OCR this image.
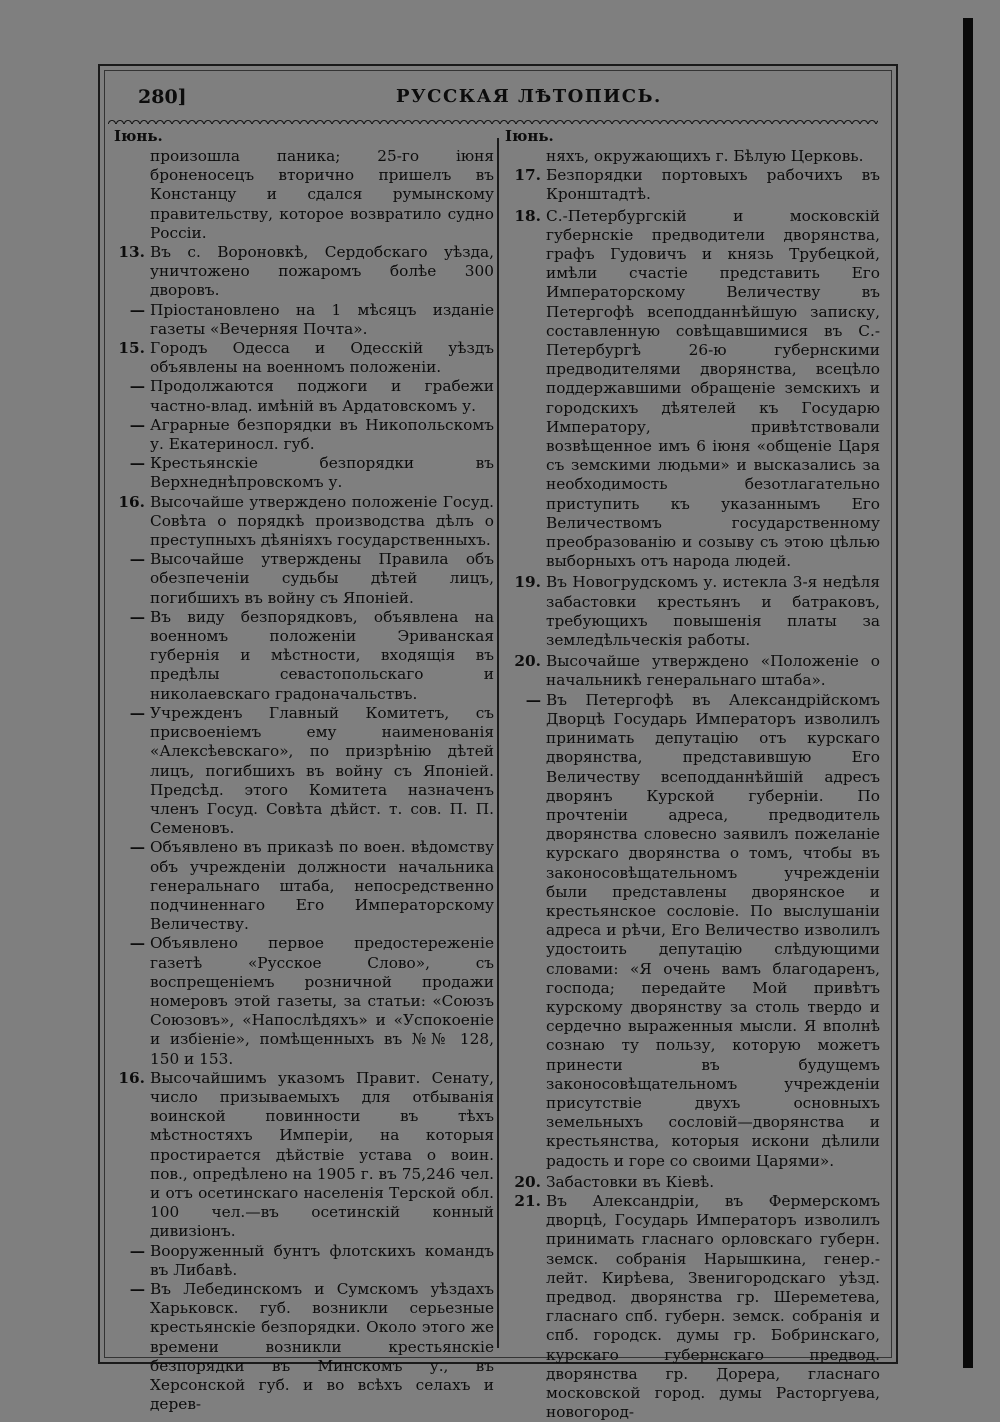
280]	РУССКАЯ ЛѢТОПИСЬ.
Іюнь.	Іюнь.
произошла паника; 25-го іюня броненосецъ вторично пришелъ въ Констанцу и сдался румынскому правительству, которое возвратило судно Россіи.
13. Въ с. Вороновкѣ, Сердобскаго уѣзда, уничтожено пожаромъ болѣе 300 дворовъ.
— Пріостановлено на 1 мѣсяцъ изданіе газеты «Вечерняя Почта».
15. Городъ Одесса и Одесскій уѣздъ объявлены на военномъ положеніи.
— Продолжаются поджоги и грабежи частно-влад. имѣній въ Ардатовскомъ у.
— Аграрные безпорядки въ Никопольскомъ у. Екатериносл. губ.
— Крестьянскіе безпорядки въ Верхнеднѣпровскомъ у.
16. Высочайше утверждено положеніе Госуд. Совѣта о порядкѣ производства дѣлъ о преступныхъ дѣяніяхъ государственныхъ.
— Высочайше утверждены Правила объ обезпеченіи судьбы дѣтей лицъ, погибшихъ въ войну съ Японіей.
— Въ виду безпорядковъ, объявлена на военномъ положеніи Эриванская губернія и мѣстности, входящія въ предѣлы севастопольскаго и николаевскаго градоначальствъ.
— Учрежденъ Главный Комитетъ, съ присвоеніемъ ему наименованія «Алексѣевскаго», по призрѣнію дѣтей лицъ, погибшихъ въ войну съ Японіей. Предсѣд. этого Комитета назначенъ членъ Госуд. Совѣта дѣйст. т. сов. П. П. Семеновъ.
— Объявлено въ приказѣ по воен. вѣдомству объ учрежденіи должности начальника генеральнаго штаба, непосредственно подчиненнаго Его Императорскому Величеству.
— Объявлено первое предостереженіе газетѣ «Русское Слово», съ воспрещеніемъ розничной продажи номеровъ этой газеты, за статьи: «Союзъ Союзовъ», «Напослѣдяхъ» и «Успокоеніе и избіеніе», помѣщенныхъ въ №№ 128, 150 и 153.
16. Высочайшимъ указомъ Правит. Сенату, число призываемыхъ для отбыванія воинской повинности въ тѣхъ мѣстностяхъ Имперіи, на которыя простирается дѣйствіе устава о воин. пов., опредѣлено на 1905 г. въ 75,246 чел. и отъ осетинскаго населенія Терской обл. 100 чел.—въ осетинскій конный дивизіонъ.
— Вооруженный бунтъ флотскихъ командъ въ Либавѣ.
— Въ Лебединскомъ и Сумскомъ уѣздахъ Харьковск. губ. возникли серьезные крестьянскіе безпорядки. Около этого же времени возникли крестьянскіе безпорядки въ Минскомъ у., въ Херсонской губ. и во всѣхъ селахъ и дерев-
няхъ, окружающихъ г. Бѣлую Церковь.
17. Безпорядки портовыхъ рабочихъ въ Кронштадтѣ.
18. С.-Петербургскій и московскій губернскіе предводители дворянства, графъ Гудовичъ и князь Трубецкой, имѣли счастіе представить Его Императорскому Величеству въ Петергофѣ всеподданнѣйшую записку, составленную совѣщавшимися въ С.-Петербургѣ 26-ю губернскими предводителями дворянства, всецѣло поддержавшими обращеніе земскихъ и городскихъ дѣятелей къ Государю Императору, привѣтствовали возвѣщенное имъ 6 іюня «общеніе Царя съ земскими людьми» и высказались за необходимость безотлагательно приступить къ указаннымъ Его Величествомъ государственному преобразованію и созыву съ этою цѣлью выборныхъ отъ народа людей.
19. Въ Новогрудскомъ у. истекла 3-я недѣля забастовки крестьянъ и батраковъ, требующихъ повышенія платы за земледѣльческія работы.
20. Высочайше утверждено «Положеніе о начальникѣ генеральнаго штаба».
— Въ Петергофѣ въ Александрійскомъ Дворцѣ Государь Императоръ изволилъ принимать депутацію отъ курскаго дворянства, представившую Его Величеству всеподданнѣйшій адресъ дворянъ Курской губерніи. По прочтеніи адреса, предводитель дворянства словесно заявилъ пожеланіе курскаго дворянства о томъ, чтобы въ законосовѣщательномъ учрежденіи были представлены дворянское и крестьянское сословіе. По выслушаніи адреса и рѣчи, Его Величество изволилъ удостоить депутацію слѣдующими словами: «Я очень вамъ благодаренъ, господа; передайте Мой привѣтъ курскому дворянству за столь твердо и сердечно выраженныя мысли. Я вполнѣ сознаю ту пользу, которую можетъ принести въ будущемъ законосовѣщательномъ учрежденіи присутствіе двухъ основныхъ земельныхъ сословій—дворянства и крестьянства, которыя искони дѣлили радость и горе со своими Царями».
20. Забастовки въ Кіевѣ.
21. Въ Александріи, въ Фермерскомъ дворцѣ, Государь Императоръ изволилъ принимать гласнаго орловскаго губерн. земск. собранія Нарышкина, генер.-лейт. Кирѣева, Звенигородскаго уѣзд. предвод. дворянства гр. Шереметева, гласнаго спб. губерн. земск. собранія и спб. городск. думы гр. Бобринскаго, курскаго губернскаго предвод. дворянства гр. Дорера, гласнаго московской город. думы Расторгуева, новогород-
